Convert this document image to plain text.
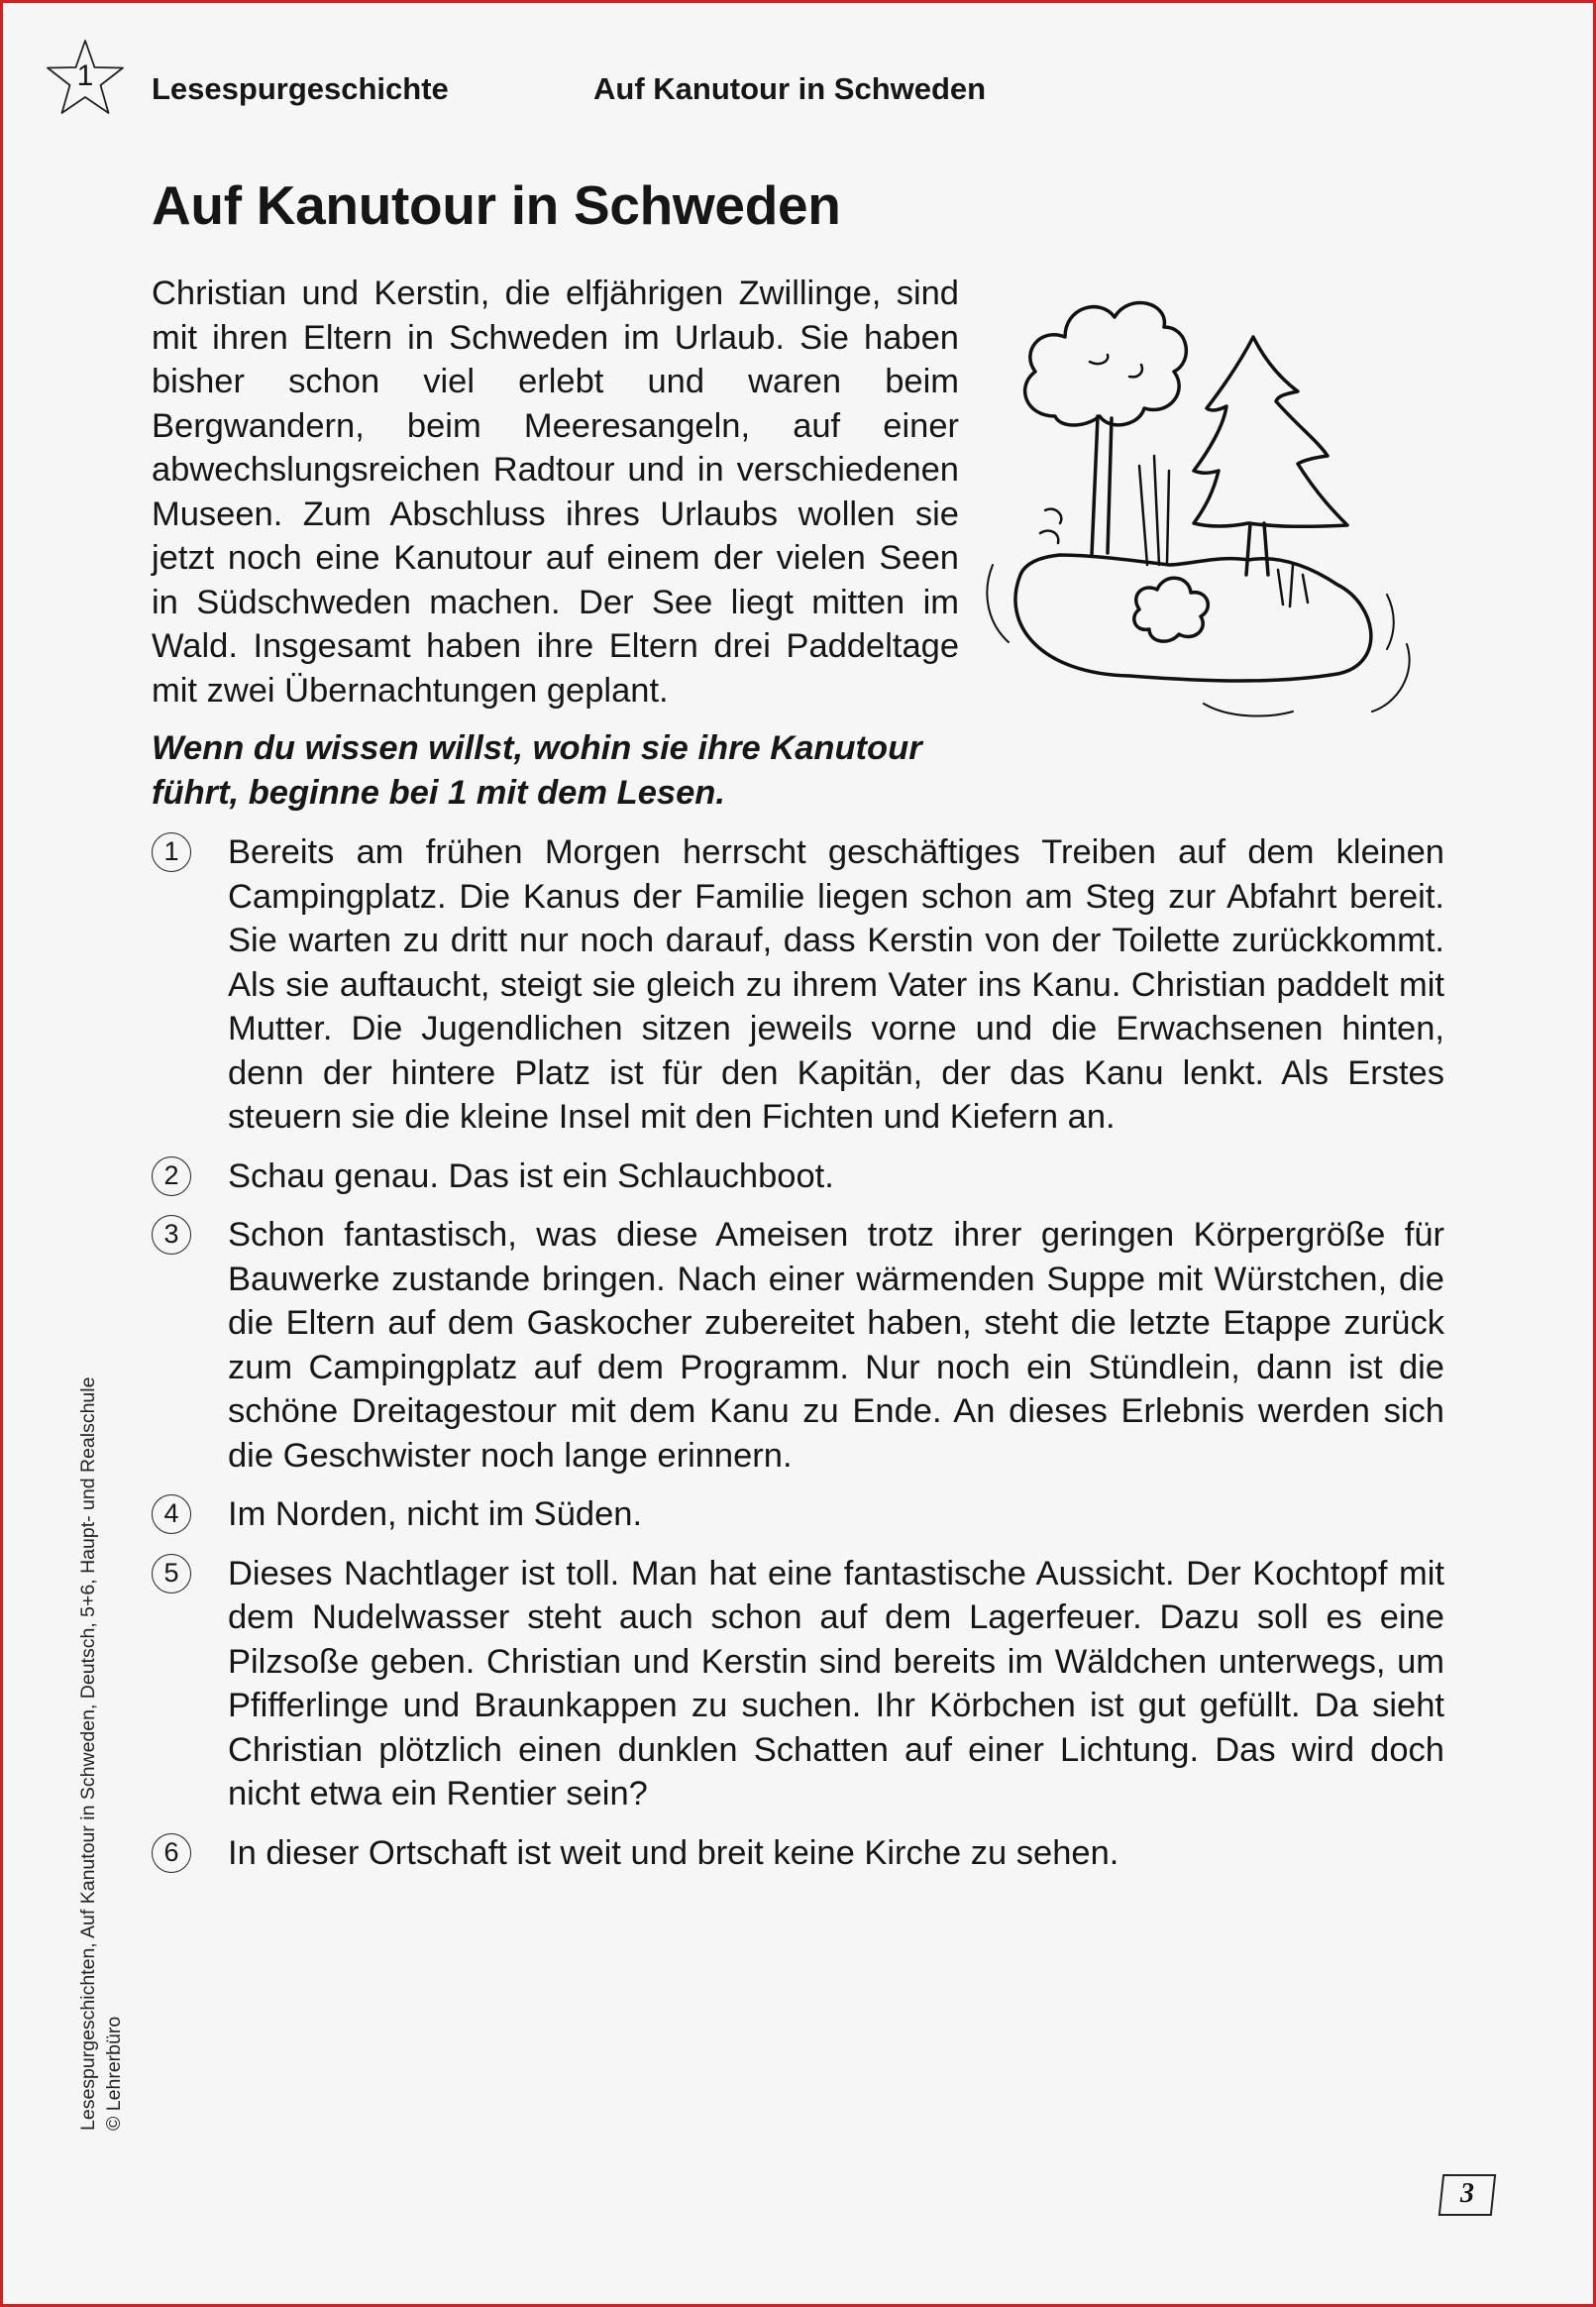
1	Lesespurgeschichte	Auf Kanutour in Schweden
Auf Kanutour in Schweden

Christian und Kerstin, die elfjährigen Zwillinge, sind mit ihren Eltern in Schweden im Urlaub. Sie haben bisher schon viel erlebt und waren beim Bergwandern, beim Meeresangeln, auf einer abwechslungsreichen Radtour und in verschiedenen Museen. Zum Abschluss ihres Urlaubs wollen sie jetzt noch eine Kanutour auf einem der vielen Seen in Südschweden machen. Der See liegt mitten im Wald. Insgesamt haben ihre Eltern drei Paddeltage mit zwei Übernachtungen geplant.

Wenn du wissen willst, wohin sie ihre Kanutour führt, beginne bei 1 mit dem Lesen.

1	Bereits am frühen Morgen herrscht geschäftiges Treiben auf dem kleinen Campingplatz. Die Kanus der Familie liegen schon am Steg zur Abfahrt bereit. Sie warten zu dritt nur noch darauf, dass Kerstin von der Toilette zurückkommt. Als sie auftaucht, steigt sie gleich zu ihrem Vater ins Kanu. Christian paddelt mit Mutter. Die Jugendlichen sitzen jeweils vorne und die Erwachsenen hinten, denn der hintere Platz ist für den Kapitän, der das Kanu lenkt. Als Erstes steuern sie die kleine Insel mit den Fichten und Kiefern an.
2	Schau genau. Das ist ein Schlauchboot.
3	Schon fantastisch, was diese Ameisen trotz ihrer geringen Körpergröße für Bauwerke zustande bringen. Nach einer wärmenden Suppe mit Würstchen, die die Eltern auf dem Gaskocher zubereitet haben, steht die letzte Etappe zurück zum Campingplatz auf dem Programm. Nur noch ein Stündlein, dann ist die schöne Dreitagestour mit dem Kanu zu Ende. An dieses Erlebnis werden sich die Geschwister noch lange erinnern.
4	Im Norden, nicht im Süden.
5	Dieses Nachtlager ist toll. Man hat eine fantastische Aussicht. Der Kochtopf mit dem Nudelwasser steht auch schon auf dem Lagerfeuer. Dazu soll es eine Pilzsoße geben. Christian und Kerstin sind bereits im Wäldchen unterwegs, um Pfifferlinge und Braunkappen zu suchen. Ihr Körbchen ist gut gefüllt. Da sieht Christian plötzlich einen dunklen Schatten auf einer Lichtung. Das wird doch nicht etwa ein Rentier sein?
6	In dieser Ortschaft ist weit und breit keine Kirche zu sehen.
Lesespurgeschichten, Auf Kanutour in Schweden, Deutsch, 5+6, Haupt- und Realschule © Lehrerbüro
3
